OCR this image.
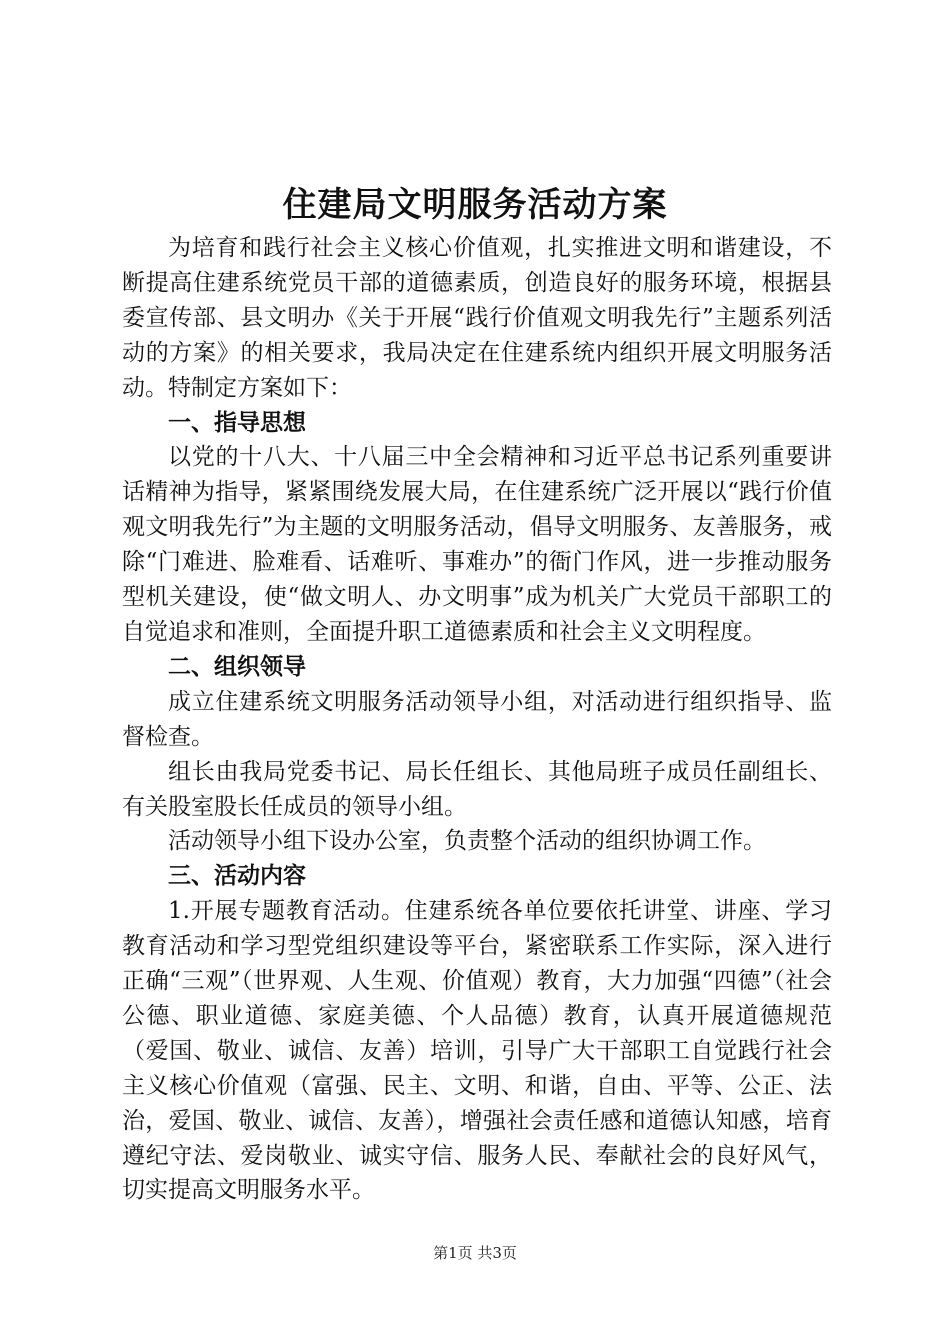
住建局文明服务活动方案

为培育和践行社会主义核心价值观，扎实推进文明和谐建设，不断提高住建系统党员干部的道德素质，创造良好的服务环境，根据县委宣传部、县文明办《关于开展“践行价值观文明我先行”主题系列活动的方案》的相关要求，我局决定在住建系统内组织开展文明服务活动。特制定方案如下：

一、指导思想

以党的十八大、十八届三中全会精神和习近平总书记系列重要讲话精神为指导，紧紧围绕发展大局，在住建系统广泛开展以“践行价值观文明我先行”为主题的文明服务活动，倡导文明服务、友善服务，戒除“门难进、脸难看、话难听、事难办”的衙门作风，进一步推动服务型机关建设，使“做文明人、办文明事”成为机关广大党员干部职工的自觉追求和准则，全面提升职工道德素质和社会主义文明程度。

二、组织领导

成立住建系统文明服务活动领导小组，对活动进行组织指导、监督检查。

组长由我局党委书记、局长任组长、其他局班子成员任副组长、有关股室股长任成员的领导小组。

活动领导小组下设办公室，负责整个活动的组织协调工作。

三、活动内容

1.开展专题教育活动。住建系统各单位要依托讲堂、讲座、学习教育活动和学习型党组织建设等平台，紧密联系工作实际，深入进行正确“三观”（世界观、人生观、价值观）教育，大力加强“四德”（社会公德、职业道德、家庭美德、个人品德）教育，认真开展道德规范（爱国、敬业、诚信、友善）培训，引导广大干部职工自觉践行社会主义核心价值观（富强、民主、文明、和谐，自由、平等、公正、法治，爱国、敬业、诚信、友善），增强社会责任感和道德认知感，培育遵纪守法、爱岗敬业、诚实守信、服务人民、奉献社会的良好风气，切实提高文明服务水平。

第1页 共3页
